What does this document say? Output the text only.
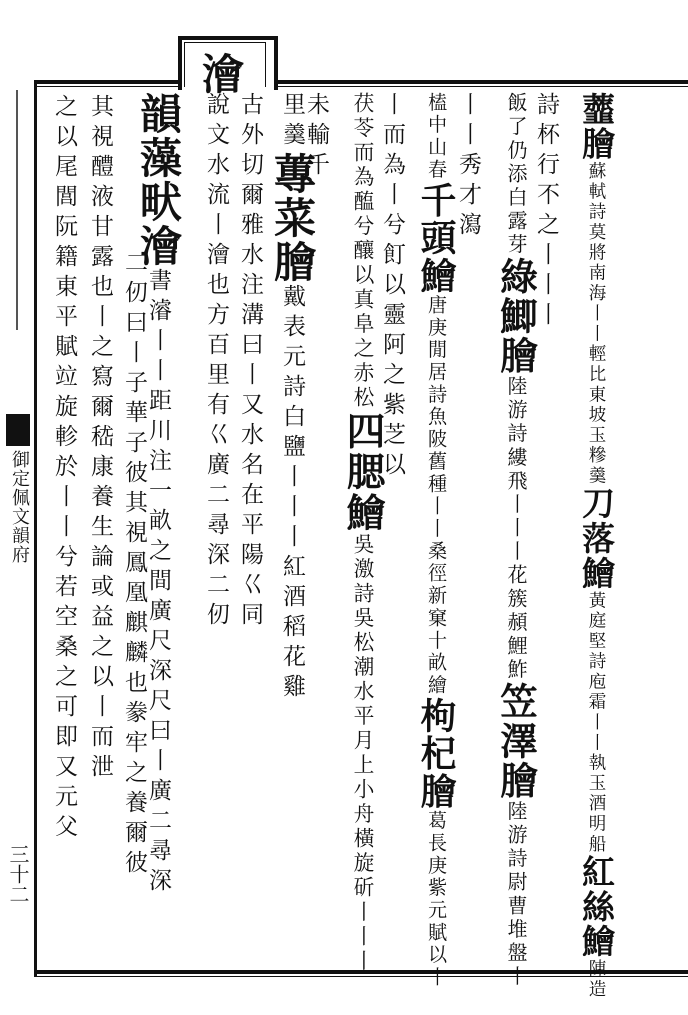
澮
御定佩文韻府
三十二
虀膾蘇軾詩莫將南海丨丨輕比東坡玉糝羹刀落鱠黃庭堅詩庖霜丨丨執玉酒明船紅絲鱠陳造
詩杯行不之丨丨丨
飯了仍添白露芽綠鯽膾陸游詩縷飛丨丨丨花簇頳鯉鮓笠澤膾陸游詩尉曹堆盤丨
丨丨秀才瀉
榼中山春千頭鱠唐庚閒居詩魚陂舊種丨丨桑徑新窠十畝繪枸杞膾葛長庚紫元賦以丨
丨而為丨兮飣以靈阿之紫芝以
茯苓而為醢兮釀以真阜之赤松四腮鱠吳激詩吳松潮水平月上小舟橫旋斫丨丨丨
未輸千
里羹蓴菜膾戴表元詩白鹽丨丨丨紅酒稻花雞
古外切爾雅水注溝曰丨又水名在平陽巜同
說文水流丨澮也方百里有巜廣二尋深二仞
韻藻畎澮書濬丨丨距川注一畝之間廣尺深尺曰丨廣二尋深
二仞曰丨子華子彼其視鳳凰麒麟也豢牢之養爾彼
其視醴液甘露也丨之寫爾嵇康養生論或益之以丨而泄
之以尾閭阮籍東平賦竝旋軫於丨丨兮若空桑之可即又元父
